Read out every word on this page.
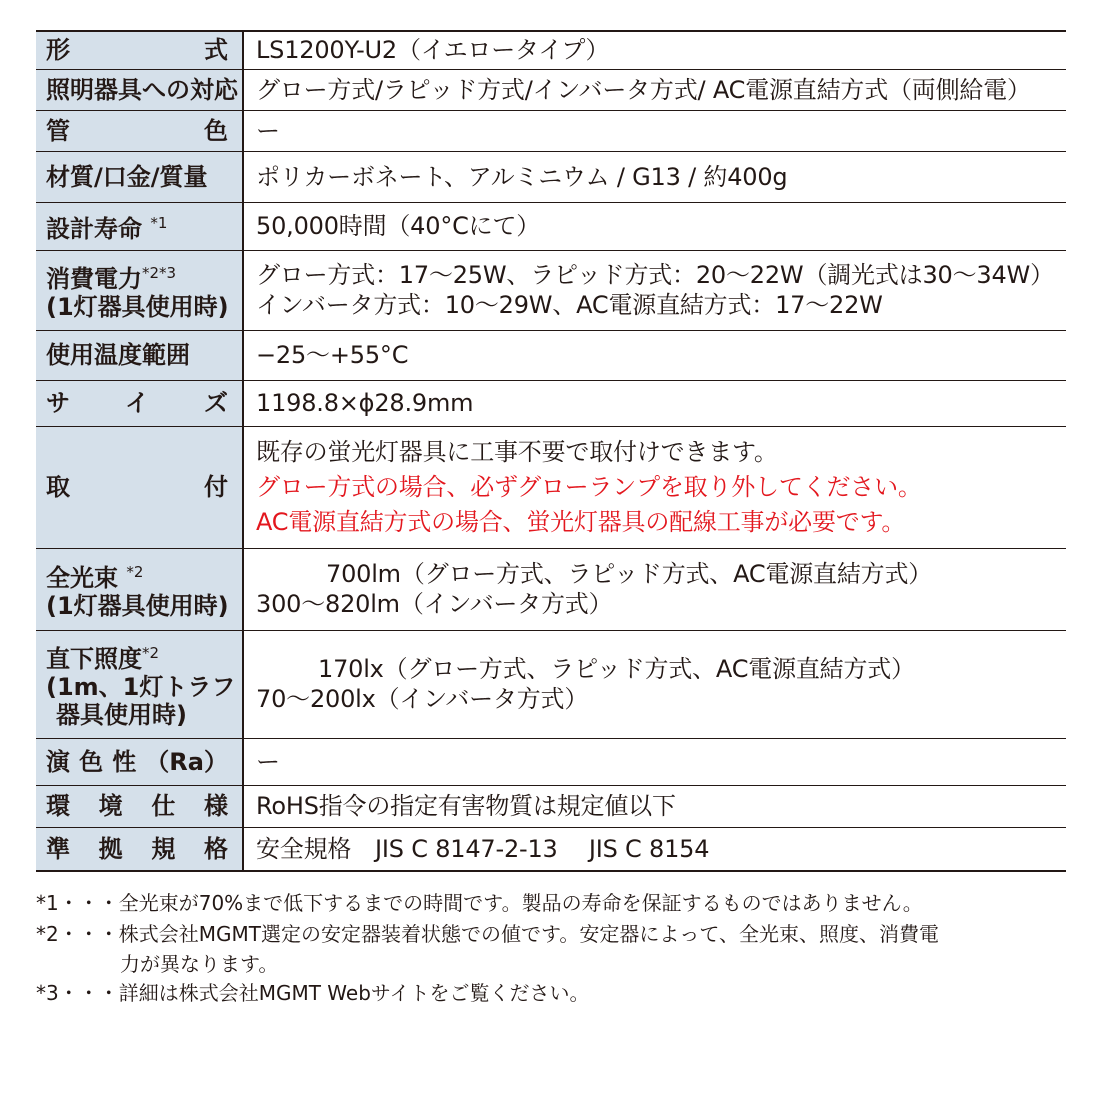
形 式	LS1200Y-U2（イエロータイプ）
照明器具への対応	グロー方式/ラピッド方式/インバータ方式/ AC電源直結方式（両側給電）

管 色	ー
材質/口金/質量	ポリカーボネート、アルミニウム / G13 / 約400g
設計寿命 $^{*1}$	50,000時間（40°Cにて）

消費電力$^{*2*3}$
(1灯器具使用時)	グロー方式：17～25W、ラピッド方式：20～22W（調光式は30～34W）
インバータ方式：10～29W、AC電源直結方式：17～22W

使用温度範囲	−25～+55°C

サ イ ズ	1198.8×ϕ28.9mm

取 付	既存の蛍光灯器具に工事不要で取付けできます。
グロー方式の場合、必ずグローランプを取り外してください。
AC電源直結方式の場合、蛍光灯器具の配線工事が必要です。

全光束 $^{*2}$
(1灯器具使用時)	700lm（グロー方式、ラピッド方式、AC電源直結方式）
300～820lm（インバータ方式）

直下照度$^{*2}$
(1m、1灯トラフ
器具使用時)	170lx（グロー方式、ラピッド方式、AC電源直結方式）
70～200lx（インバータ方式）

演 色 性 （Ra）	ー

環 境 仕 様	RoHS指令の指定有害物質は規定値以下

準 拠 規 格	安全規格　JIS C 8147-2-13　 JIS C 8154
*1・・・全光束が70%まで低下するまでの時間です。製品の寿命を保証するものではありません。
*2・・・株式会社MGMT選定の安定器装着状態での値です。安定器によって、全光束、照度、消費電
力が異なります。
*3・・・詳細は株式会社MGMT Webサイトをご覧ください。
